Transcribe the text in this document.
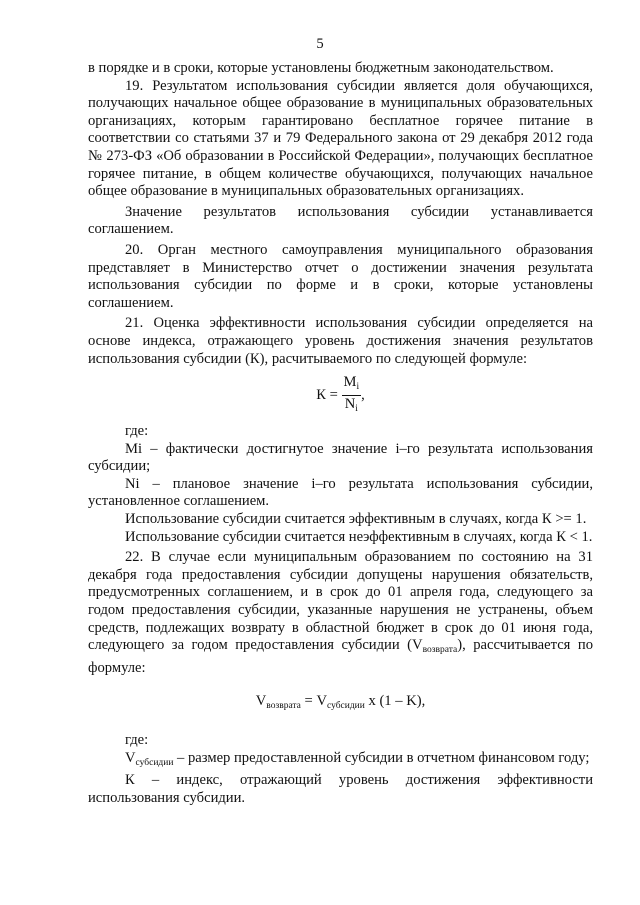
5

в порядке и в сроки, которые установлены бюджетным законодательством.

19. Результатом использования субсидии является доля обучающихся, получающих начальное общее образование в муниципальных образовательных организациях, которым гарантировано бесплатное горячее питание в соответствии со статьями 37 и 79 Федерального закона от 29 декабря 2012 года № 273-ФЗ «Об образовании в Российской Федерации», получающих бесплатное горячее питание, в общем количестве обучающихся, получающих начальное общее образование в муниципальных образовательных организациях.

Значение результатов использования субсидии устанавливается соглашением.

20. Орган местного самоуправления муниципального образования представляет в Министерство отчет о достижении значения результата использования субсидии по форме и в сроки, которые установлены соглашением.

21. Оценка эффективности использования субсидии определяется на основе индекса, отражающего уровень достижения значения результатов использования субсидии (К), расчитываемого по следующей формуле:

$К = \frac{M_i}{N_i}$ ,

где:

Mi – фактически достигнутое значение i–го результата использования субсидии;

Ni – плановое значение i–го результата использования субсидии, установленное соглашением.

Использование субсидии считается эффективным в случаях, когда К >= 1.

Использование субсидии считается неэффективным в случаях, когда К < 1.

22. В случае если муниципальным образованием по состоянию на 31 декабря года предоставления субсидии допущены нарушения обязательств, предусмотренных соглашением, и в срок до 01 апреля года, следующего за годом предоставления субсидии, указанные нарушения не устранены, объем средств, подлежащих возврату в областной бюджет в срок до 01 июня года, следующего за годом предоставления субсидии $(V_{возврата})$, рассчитывается по формуле:

$V_{возврата} = V_{субсидии}$ x (1 – K),

где:

$V_{субсидии}$ – размер предоставленной субсидии в отчетном финансовом году;

К – индекс, отражающий уровень достижения эффективности использования субсидии.
